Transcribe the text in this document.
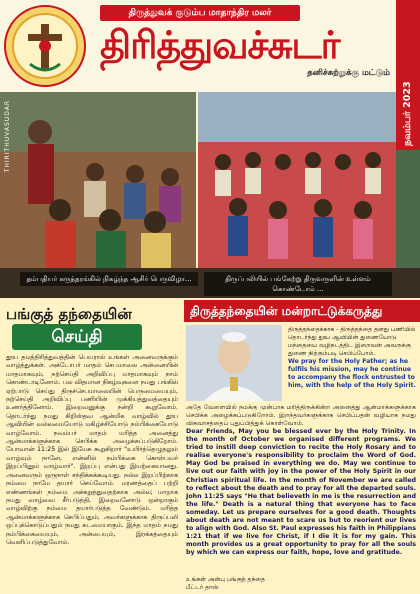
திருத்துவக் குடும்ப மாதாந்திர மலர்
திரித்துவச்சுடர்
தனிச்சுற்றுக்கு மட்டும்
நவம்பர் 2023
THIRITHUVASUDAR
தம்பதியர் கருத்தரங்கில் நிகழ்ந்த ஆசிர் பெருவிழா...	திருப்பலியில் பங்கேற்று திருவருளின் உள்ளம் கொண்டோம் ...
பங்குத் தந்தையின்
செய்தி
தூய தமத்திரித்துவத்தின் பெயரால் உங்கள் அனைவருக்கும் வாழ்த்துக்கள். அக்டோபர் மாதம் செபமாலை அன்னையின் மாதமாகவும், நற்செய்தி அறிவிப்பு மாதமாகவும் நாம் கொண்டாடினோம். பல விதமான நிகழ்வுகளை நமது பங்கில் ஏற்பாடு செய்து திருச்செபமாலையின் பெருமையையும், நற்செய்தி அறிவிப்பு பணியின் முக்கியத்துவத்தையும் உணர்த்தினோம். இறைவனுக்கு நன்றி கூறுவோம். தொடர்ந்து நமது கிறிஸ்தவ ஆன்மிக வாழ்வில் தூய ஆவியின் வல்லமையோடு மகிழ்ச்சியோடு நம்பிக்கையோடு வாழ்வோம். நவம்பர் மாதம் மரித்த அனைத்து ஆன்மாக்களுக்காக செபிக்க அழைக்கப்படுகிறோம். யோவான் 11:25 இல் இயேசு கூறுகிறார் "உயிர்த்தெழுதலும் வாழ்வும் நானே, என்னில் நம்பிக்கை கொள்பவர் இறப்பினும் வாழ்வார்". இறப்பு என்பது இயற்கையானது. அனைவரும் ஒருநாள் சந்திக்கக்கூடியது. நல்ல இறப்பிற்காக நம்மை நாமே தயார் செய்வோம். மரணத்தைப் பற்றி எண்ணங்கள் நம்மை அச்சுறுத்துவதற்காக அல்ல; மாறாக நமது வாழ்வை சீர்படுத்தி, இறைவனோடு ஒன்றாகும் வாழ்விற்கு நம்மை தயார்படுத்த வேண்டும். மரித்த ஆன்மாக்களுக்காக செபிப்பதும், அவர்களுக்காக திருப்பலி ஒப்புக்கொடுப்பதும் நமது கடமையாகும். இந்த மாதம் நமது நம்பிக்கையையும், அன்பையும், இரக்கத்தையும் வெளிப்படுத்துவோம்.
திருத்தந்தையின் மன்றாட்டுக்கருத்து
திருத்தந்தைக்காக - திருத்தந்தை தனது பணியில் தொடர்ந்து தூய ஆவியின் துணையோடு மந்தையை வழிநடத்திட இறைவன் அவருக்கு துணை நிற்கும்படி செபிப்போம்.
We pray for the Holy Father; as he fulfils his mission, may he continue to accompany the flock entrusted to him, with the help of the Holy Spirit.
அதே வேளையில் நமக்கு முன்பாக மரித்திருக்கின்ற அனைத்து ஆன்மாக்களுக்காக செபிக்க அழைக்கப்படுகிறோம். இறந்தவர்களுக்காக செபிப்பதன் வழியாக நமது விசுவாசத்தைப் புதுப்பித்துக் கொள்வோம்.
Dear Friends, May you be blessed ever by the Holy Trinity. In the month of October we organised different programs. We tried to instill deep conviction to recite the Holy Rosary and to realise everyone's responsibility to proclaim the Word of God. May God be praised in everything we do. May we continue to live out our faith with joy in the power of the Holy Spirit in our Christian spiritual life. In the month of November we are called to reflect about the death and to pray for all the departed souls. John 11:25 says "He that believeth in me is the resurrection and the life." Death is a natural thing that everyone has to face someday. Let us prepare ourselves for a good death. Thoughts about death are not meant to scare us but to reorient our lives to align with God. Also St. Paul expresses his faith in Philippians 1:21 that if we live for Christ, if I die it is for my gain. This month provides us a great opportunity to pray for all the souls by which we can express our faith, hope, love and gratitude.
உங்கள் அன்பு பங்குத் தந்தை
பீட்டர் தாஸ்
